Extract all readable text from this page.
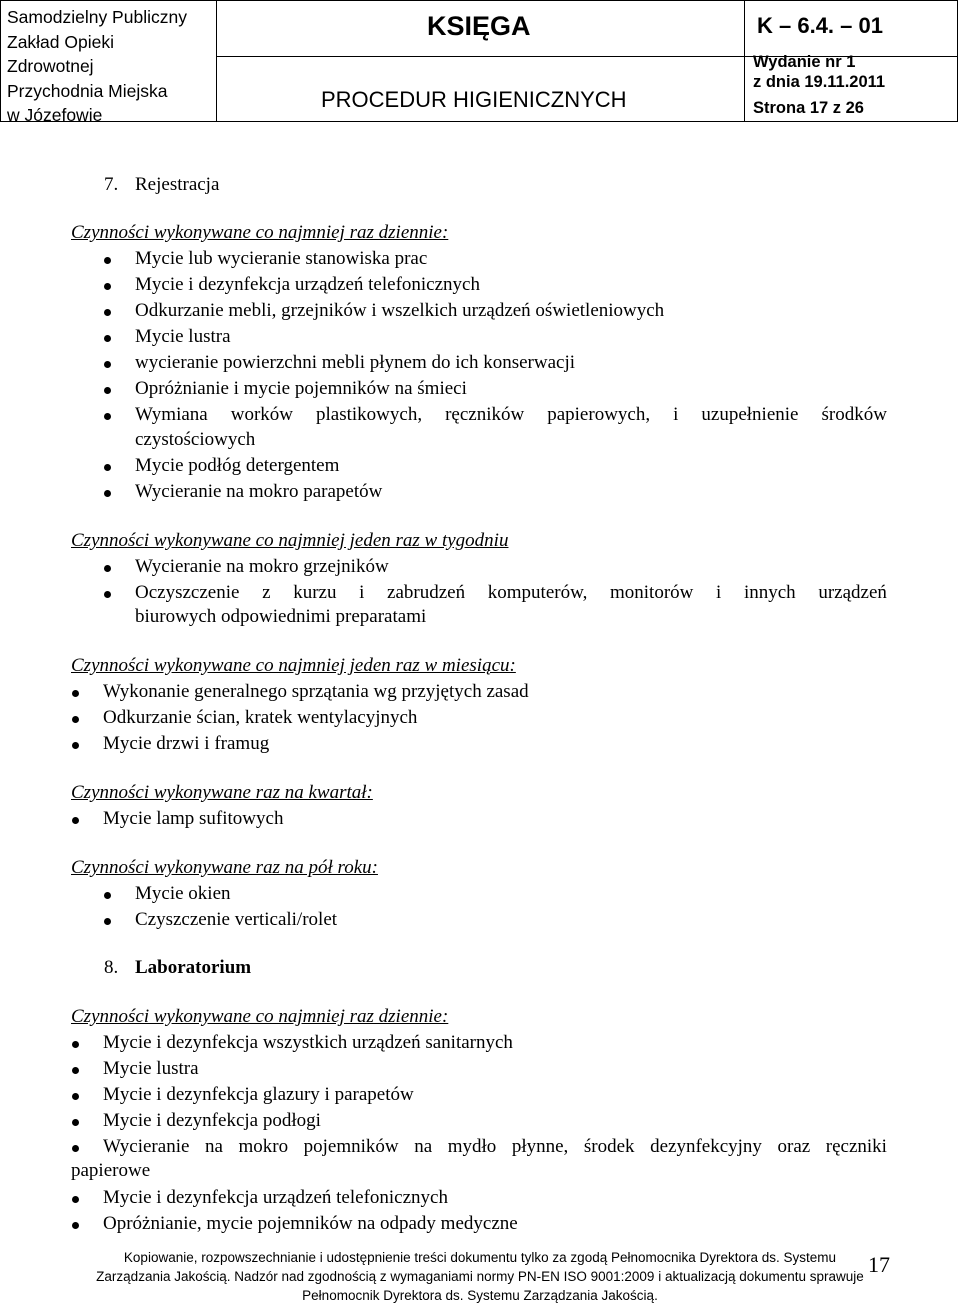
Samodzielny Publiczny
Zakład Opieki
Zdrowotnej
Przychodnia Miejska
w Józefowie
KSIĘGA
PROCEDUR HIGIENICZNYCH
K – 6.4. – 01
Wydanie nr 1
z dnia 19.11.2011
Strona 17 z 26
7. Rejestracja
Czynności wykonywane co najmniej raz dziennie:
Mycie lub wycieranie stanowiska prac
Mycie i dezynfekcja urządzeń telefonicznych
Odkurzanie mebli, grzejników i wszelkich urządzeń oświetleniowych
Mycie lustra
wycieranie powierzchni mebli płynem do ich konserwacji
Opróżnianie i mycie pojemników na śmieci
Wymiana worków plastikowych, ręczników papierowych, i uzupełnienie środków
czystościowych
Mycie podłóg detergentem
Wycieranie na mokro parapetów
Czynności wykonywane co najmniej jeden raz w tygodniu
Wycieranie na mokro grzejników
Oczyszczenie z kurzu i zabrudzeń komputerów, monitorów i innych urządzeń
biurowych odpowiednimi preparatami
Czynności wykonywane co najmniej jeden raz w miesiącu:
Wykonanie generalnego sprzątania wg przyjętych zasad
Odkurzanie ścian, kratek wentylacyjnych
Mycie drzwi i framug
Czynności wykonywane raz na kwartał:
Mycie lamp sufitowych
Czynności wykonywane raz na pół roku:
Mycie okien
Czyszczenie verticali/rolet
8. Laboratorium
Czynności wykonywane co najmniej raz dziennie:
Mycie i dezynfekcja wszystkich urządzeń sanitarnych
Mycie lustra
Mycie i dezynfekcja glazury i parapetów
Mycie i dezynfekcja podłogi
Wycieranie na mokro pojemników na mydło płynne, środek dezynfekcyjny oraz ręczniki
papierowe
Mycie i dezynfekcja urządzeń telefonicznych
Opróżnianie, mycie pojemników na odpady medyczne
Kopiowanie, rozpowszechnianie i udostępnienie treści dokumentu tylko za zgodą Pełnomocnika Dyrektora ds. Systemu
Zarządzania Jakością. Nadzór nad zgodnością z wymaganiami normy PN-EN ISO 9001:2009 i aktualizacją dokumentu sprawuje
Pełnomocnik Dyrektora ds. Systemu Zarządzania Jakością.
17
